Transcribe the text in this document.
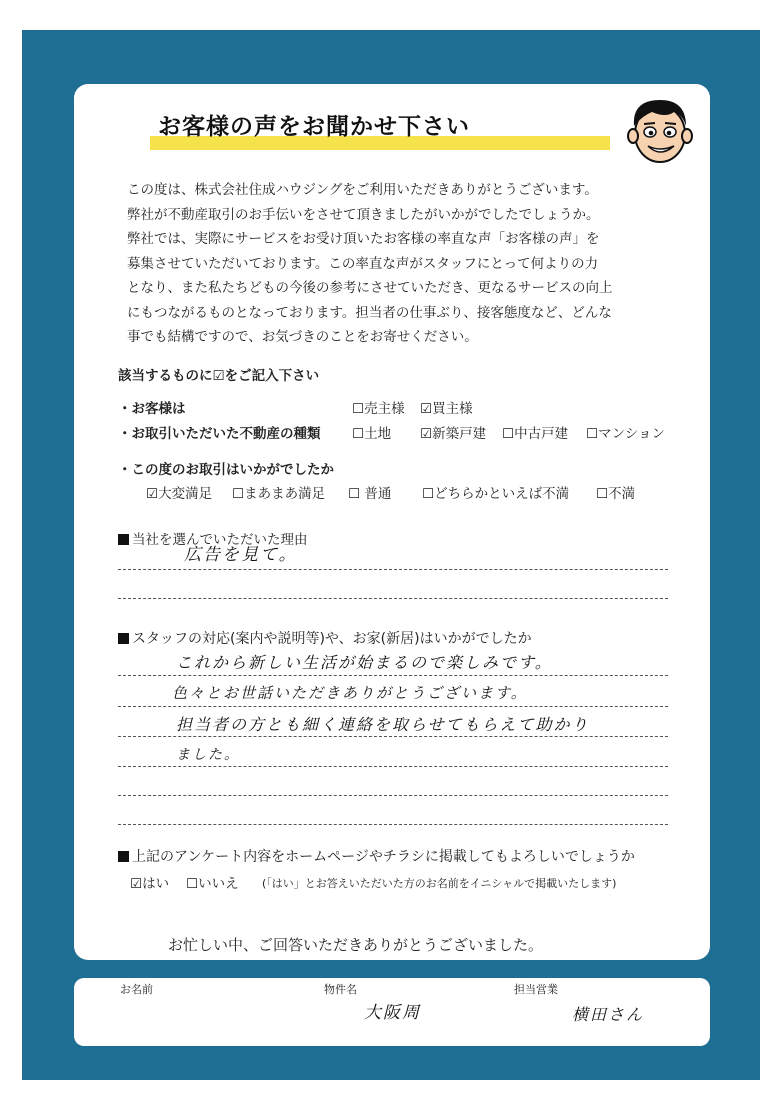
お客様の声をお聞かせ下さい
この度は、株式会社住成ハウジングをご利用いただきありがとうございます。
弊社が不動産取引のお手伝いをさせて頂きましたがいかがでしたでしょうか。
弊社では、実際にサービスをお受け頂いたお客様の率直な声「お客様の声」を
募集させていただいております。この率直な声がスタッフにとって何よりの力
となり、また私たちどもの今後の参考にさせていただき、更なるサービスの向上
にもつながるものとなっております。担当者の仕事ぶり、接客態度など、どんな
事でも結構ですので、お気づきのことをお寄せください。
該当するものに☑をご記入下さい
・お客様は	☐売主様 ☑買主様
・お取引いただいた不動産の種類 ☐土地 ☑新築戸建 ☐中古戸建 ☐マンション
・この度のお取引はいかがでしたか
☑大変満足 ☐まあまあ満足 ☐ 普通 ☐どちらかといえば不満 ☐不満
当社を選んでいただいた理由
広告を見て。
スタッフの対応(案内や説明等)や、お家(新居)はいかがでしたか
これから新しい生活が始まるので楽しみです。
色々とお世話いただきありがとうございます。
担当者の方とも細く連絡を取らせてもらえて助かり
ました。
上記のアンケート内容をホームページやチラシに掲載してもよろしいでしょうか
☑はい ☐いいえ (「はい」とお答えいただいた方のお名前をイニシャルで掲載いたします)
お忙しい中、ご回答いただきありがとうございました。
お名前	物件名
大阪周
担当営業
横田さん
